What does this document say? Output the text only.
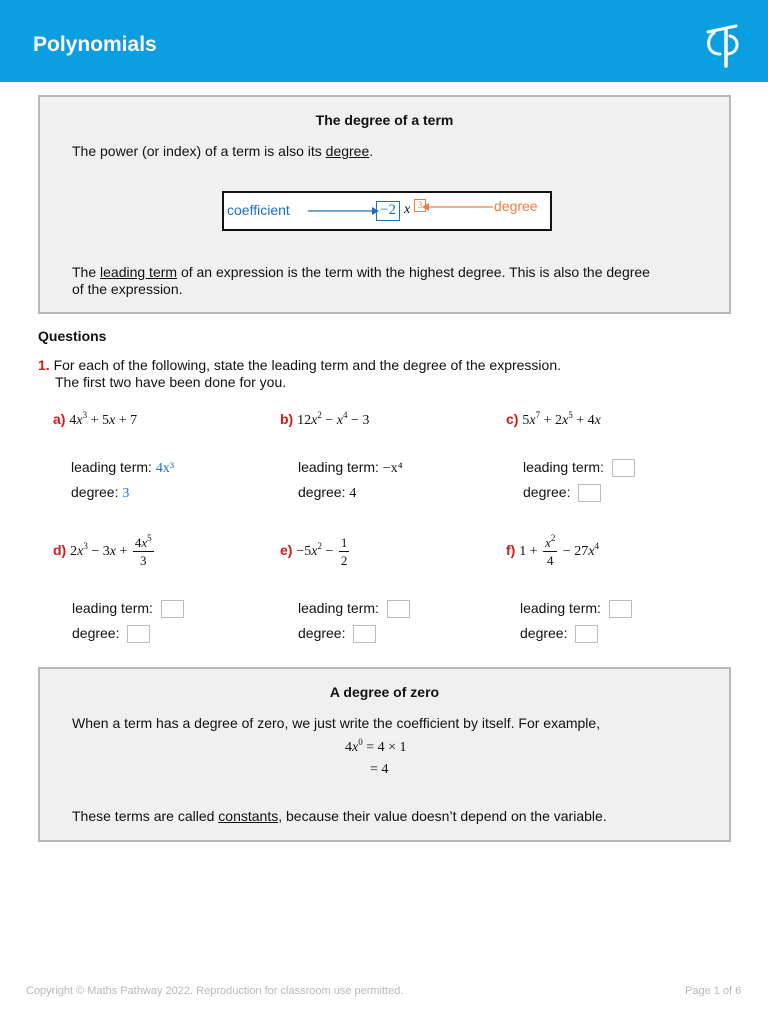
Polynomials
The degree of a term
The power (or index) of a term is also its degree.
coefficient	−2 x 3	degree
The leading term of an expression is the term with the highest degree. This is also the degree
of the expression.
Questions
1. For each of the following, state the leading term and the degree of the expression.
The first two have been done for you.
a) $4x^3 + 5x + 7$
leading term: 4x³
degree: 3
b) $12x^2 - x^4 - 3$
leading term: −x⁴
degree: 4
c) $5x^7 + 2x^5 + 4x$
leading term:
degree:
d) $2x^3 - 3x + \frac{4x^5}{3}$
leading term:
degree:
$e) -5x^2 - \frac{1}{2}$
leading term:
degree:
f) $1 + \frac{x^2}{4} - 27x^4$
leading term:
degree:
A degree of zero
When a term has a degree of zero, we just write the coefficient by itself. For example,
$4x^0 = 4 \times 1$
= 4
These terms are called constants, because their value doesn’t depend on the variable.
Copyright © Maths Pathway 2022. Reproduction for classroom use permitted.	Page 1 of 6
